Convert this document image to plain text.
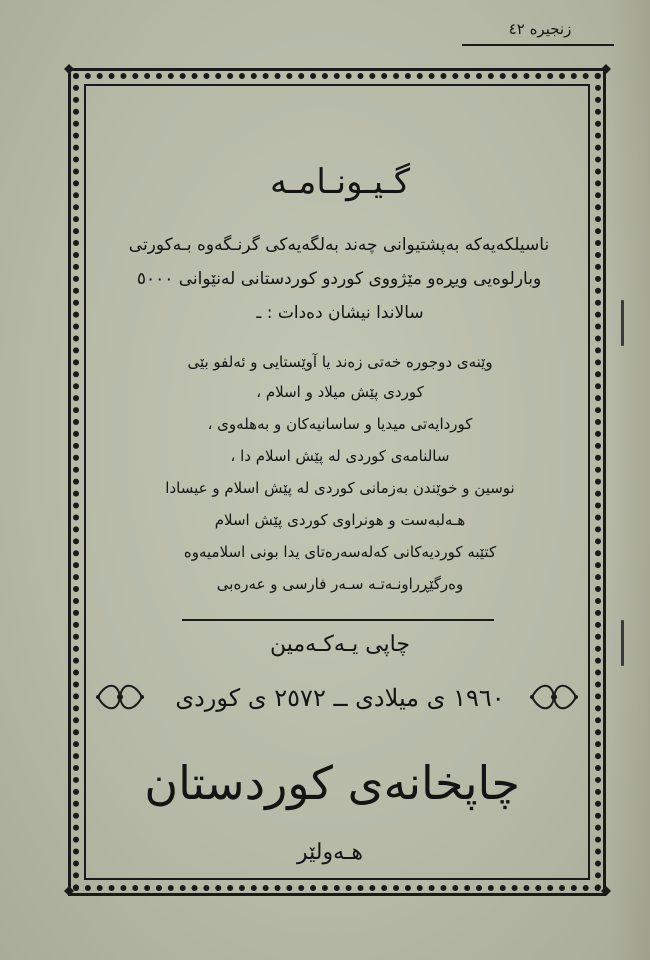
زنجیرە ٤٢
گـیـونـامـە
ناسیلکەیەکە بەپشتیوانی چەند بەلگەیەکی گرنـگەوە بـەکورتی
وبارلوەیی ویڕەو مێژووی کوردو کوردستانی لەنێوانی ٥٠٠٠
سالاندا نیشان دەدات : ـ
وێنەی دوجورە خەتی زەند یا آوێستایی و ئەلفو بێی
کوردی پێش میلاد و اسلام ،
کوردایەتی میدیا و ساسانیەکان و بەهلەوی ،
سالنامەی کوردی لە پێش اسلام دا ،
نوسین و خوێندن بەزمانی کوردی لە پێش اسلام و عیسادا
هـەلبەست و هونراوی کوردی پێش اسلام
کتێبە کوردیەکانی کەلەسەرەتای یدا بونی اسلامیەوە
وەرگێڕراونـەتـە سـەر فارسی و عەرەبی
چاپی یـەکـەمین
١٩٦٠ ی میلادی ــ ٢٥٧٢ ی کوردی
چاپخانەی کوردستان
هـەولێر
